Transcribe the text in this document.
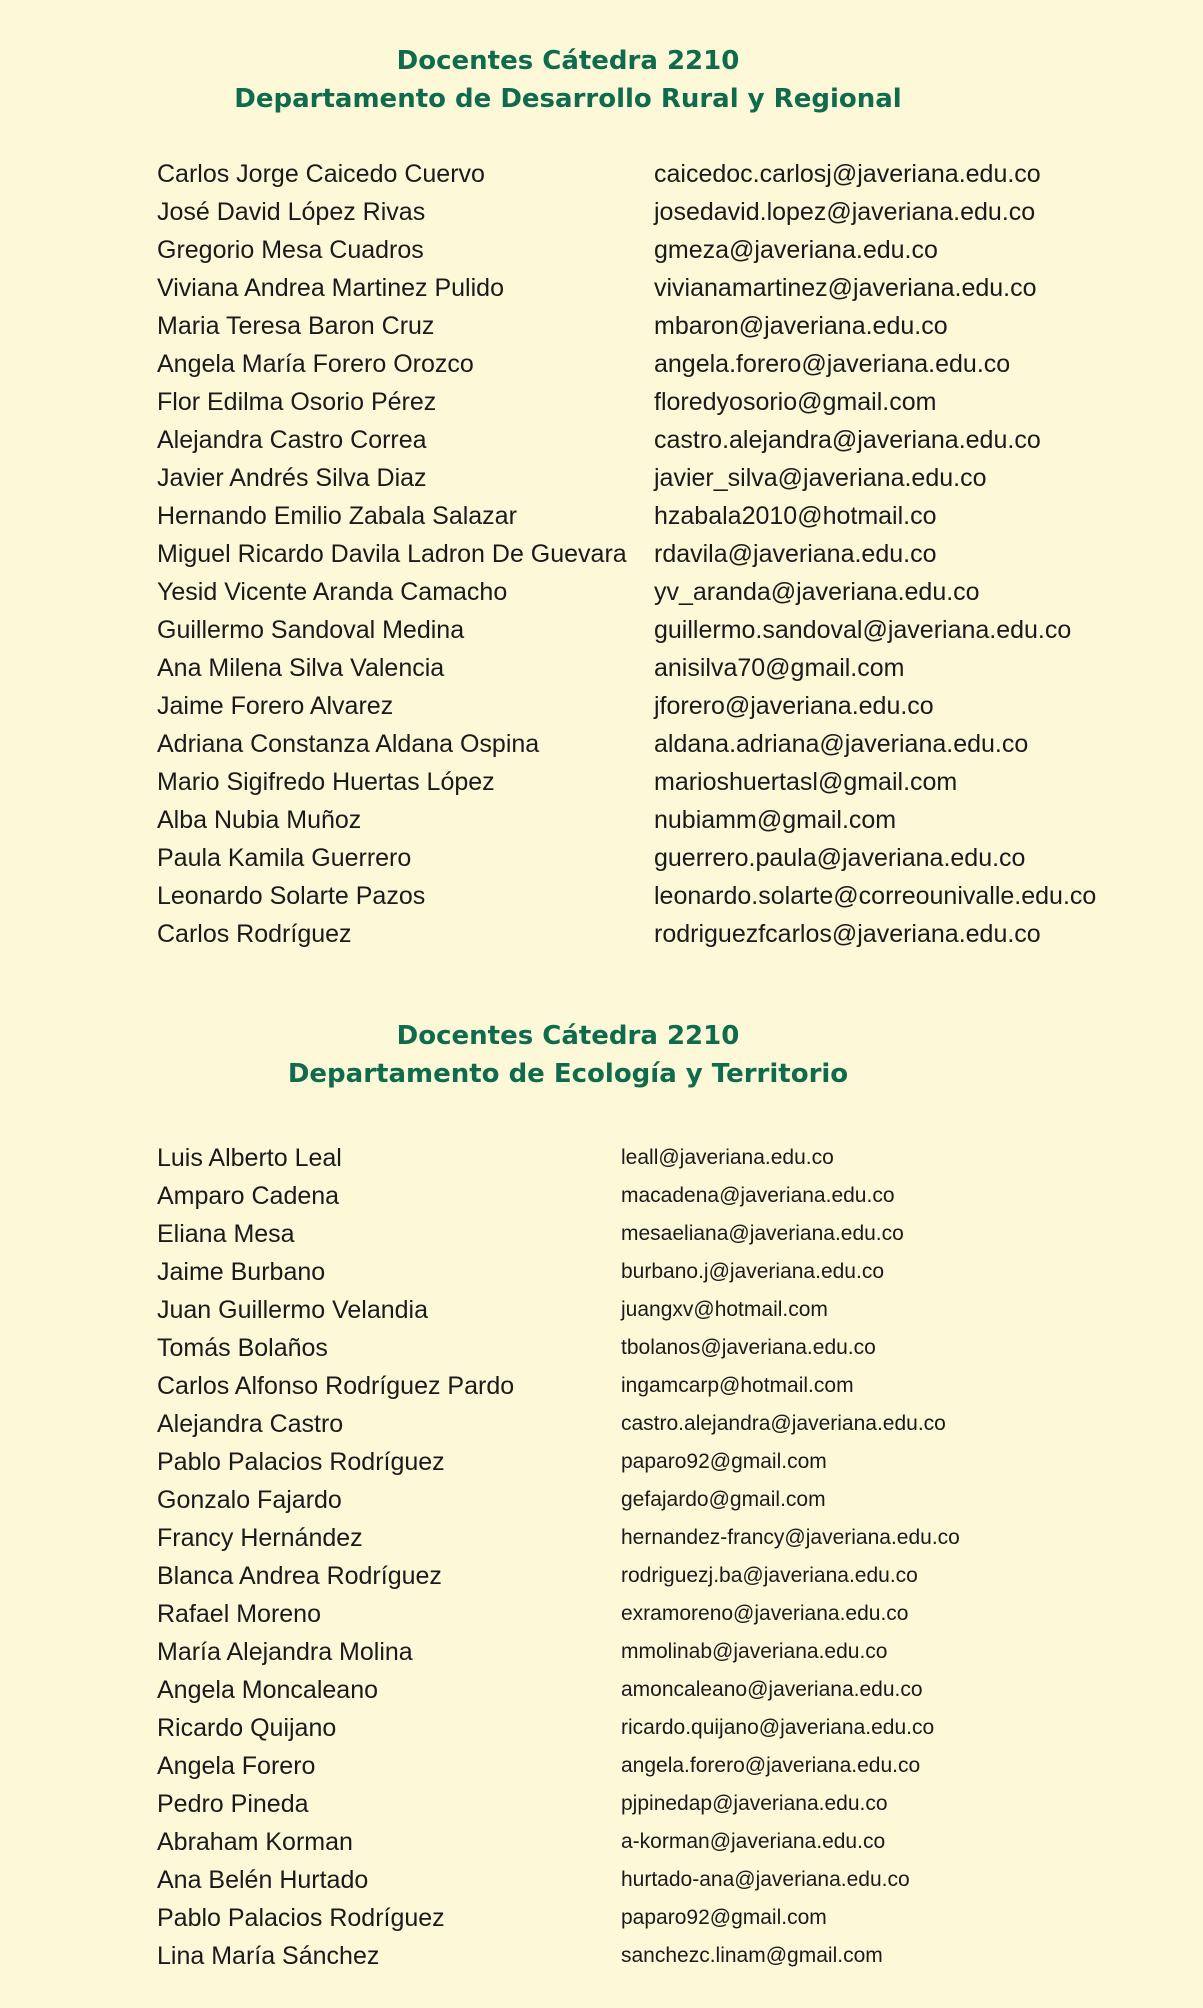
Docentes Cátedra 2210
Departamento de Desarrollo Rural y Regional
Carlos Jorge Caicedo Cuervo	caicedoc.carlosj@javeriana.edu.co
José David López Rivas	josedavid.lopez@javeriana.edu.co
Gregorio Mesa Cuadros	gmeza@javeriana.edu.co
Viviana Andrea Martinez Pulido	vivianamartinez@javeriana.edu.co
Maria Teresa Baron Cruz	mbaron@javeriana.edu.co
Angela María Forero Orozco	angela.forero@javeriana.edu.co
Flor Edilma Osorio Pérez	floredyosorio@gmail.com
Alejandra Castro Correa	castro.alejandra@javeriana.edu.co
Javier Andrés Silva Diaz	javier_silva@javeriana.edu.co
Hernando Emilio Zabala Salazar	hzabala2010@hotmail.co
Miguel Ricardo Davila Ladron De Guevara rdavila@javeriana.edu.co
Yesid Vicente Aranda Camacho	yv_aranda@javeriana.edu.co
Guillermo Sandoval Medina	guillermo.sandoval@javeriana.edu.co
Ana Milena Silva Valencia	anisilva70@gmail.com
Jaime Forero Alvarez	jforero@javeriana.edu.co
Adriana Constanza Aldana Ospina	aldana.adriana@javeriana.edu.co
Mario Sigifredo Huertas López	marioshuertasl@gmail.com
Alba Nubia Muñoz	nubiamm@gmail.com
Paula Kamila Guerrero	guerrero.paula@javeriana.edu.co
Leonardo Solarte Pazos	leonardo.solarte@correounivalle.edu.co
Carlos Rodríguez	rodriguezfcarlos@javeriana.edu.co
Docentes Cátedra 2210
Departamento de Ecología y Territorio
Luis Alberto Leal	leall@javeriana.edu.co
Amparo Cadena	macadena@javeriana.edu.co
Eliana Mesa	mesaeliana@javeriana.edu.co
Jaime Burbano	burbano.j@javeriana.edu.co
Juan Guillermo Velandia	juangxv@hotmail.com
Tomás Bolaños	tbolanos@javeriana.edu.co
Carlos Alfonso Rodríguez Pardo	ingamcarp@hotmail.com
Alejandra Castro	castro.alejandra@javeriana.edu.co
Pablo Palacios Rodríguez	paparo92@gmail.com
Gonzalo Fajardo	gefajardo@gmail.com
Francy Hernández	hernandez-francy@javeriana.edu.co
Blanca Andrea Rodríguez	rodriguezj.ba@javeriana.edu.co
Rafael Moreno	exramoreno@javeriana.edu.co
María Alejandra Molina	mmolinab@javeriana.edu.co
Angela Moncaleano	amoncaleano@javeriana.edu.co
Ricardo Quijano	ricardo.quijano@javeriana.edu.co
Angela Forero	angela.forero@javeriana.edu.co
Pedro Pineda	pjpinedap@javeriana.edu.co
Abraham Korman	a-korman@javeriana.edu.co
Ana Belén Hurtado	hurtado-ana@javeriana.edu.co
Pablo Palacios Rodríguez	paparo92@gmail.com
Lina María Sánchez	sanchezc.linam@gmail.com
